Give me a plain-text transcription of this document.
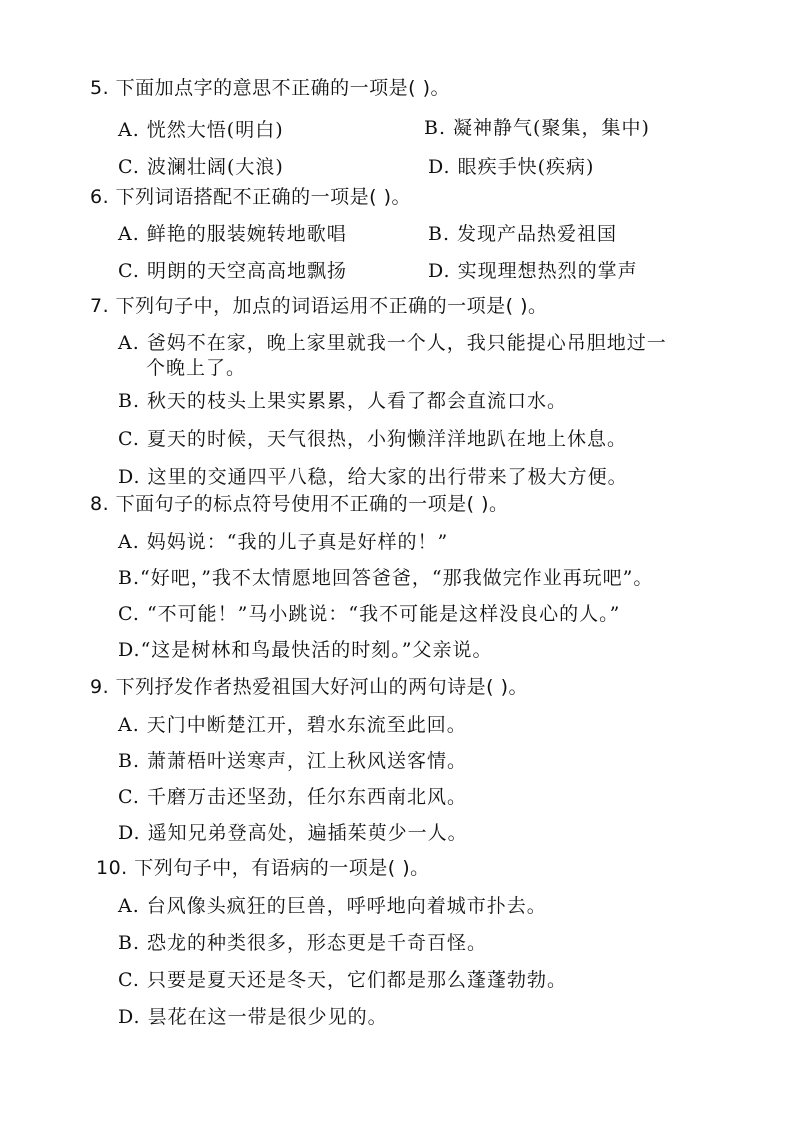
5. 下面加点字的意思不正确的一项是( )。
A. 恍然大悟(明白)	B. 凝神静气(聚集，集中)
C. 波澜壮阔(大浪)	D. 眼疾手快(疾病)
6. 下列词语搭配不正确的一项是( )。
A. 鲜艳的服装婉转地歌唱	B. 发现产品热爱祖国
C. 明朗的天空高高地飘扬	D. 实现理想热烈的掌声
7. 下列句子中，加点的词语运用不正确的一项是( )。
A. 爸妈不在家，晚上家里就我一个人，我只能提心吊胆地过一
个晚上了。
B. 秋天的枝头上果实累累，人看了都会直流口水。
C. 夏天的时候，天气很热，小狗懒洋洋地趴在地上休息。
D. 这里的交通四平八稳，给大家的出行带来了极大方便。
8. 下面句子的标点符号使用不正确的一项是( )。
A. 妈妈说：“我的儿子真是好样的！”
B.“好吧，”我不太情愿地回答爸爸，“那我做完作业再玩吧”。
C. “不可能！”马小跳说：“我不可能是这样没良心的人。”
D.“这是树林和鸟最快活的时刻。”父亲说。
9. 下列抒发作者热爱祖国大好河山的两句诗是( )。
A. 天门中断楚江开，碧水东流至此回。
B. 萧萧梧叶送寒声，江上秋风送客情。
C. 千磨万击还坚劲，任尔东西南北风。
D. 遥知兄弟登高处，遍插茱萸少一人。
10. 下列句子中，有语病的一项是( )。
A. 台风像头疯狂的巨兽，呼呼地向着城市扑去。
B. 恐龙的种类很多，形态更是千奇百怪。
C. 只要是夏天还是冬天，它们都是那么蓬蓬勃勃。
D. 昙花在这一带是很少见的。
